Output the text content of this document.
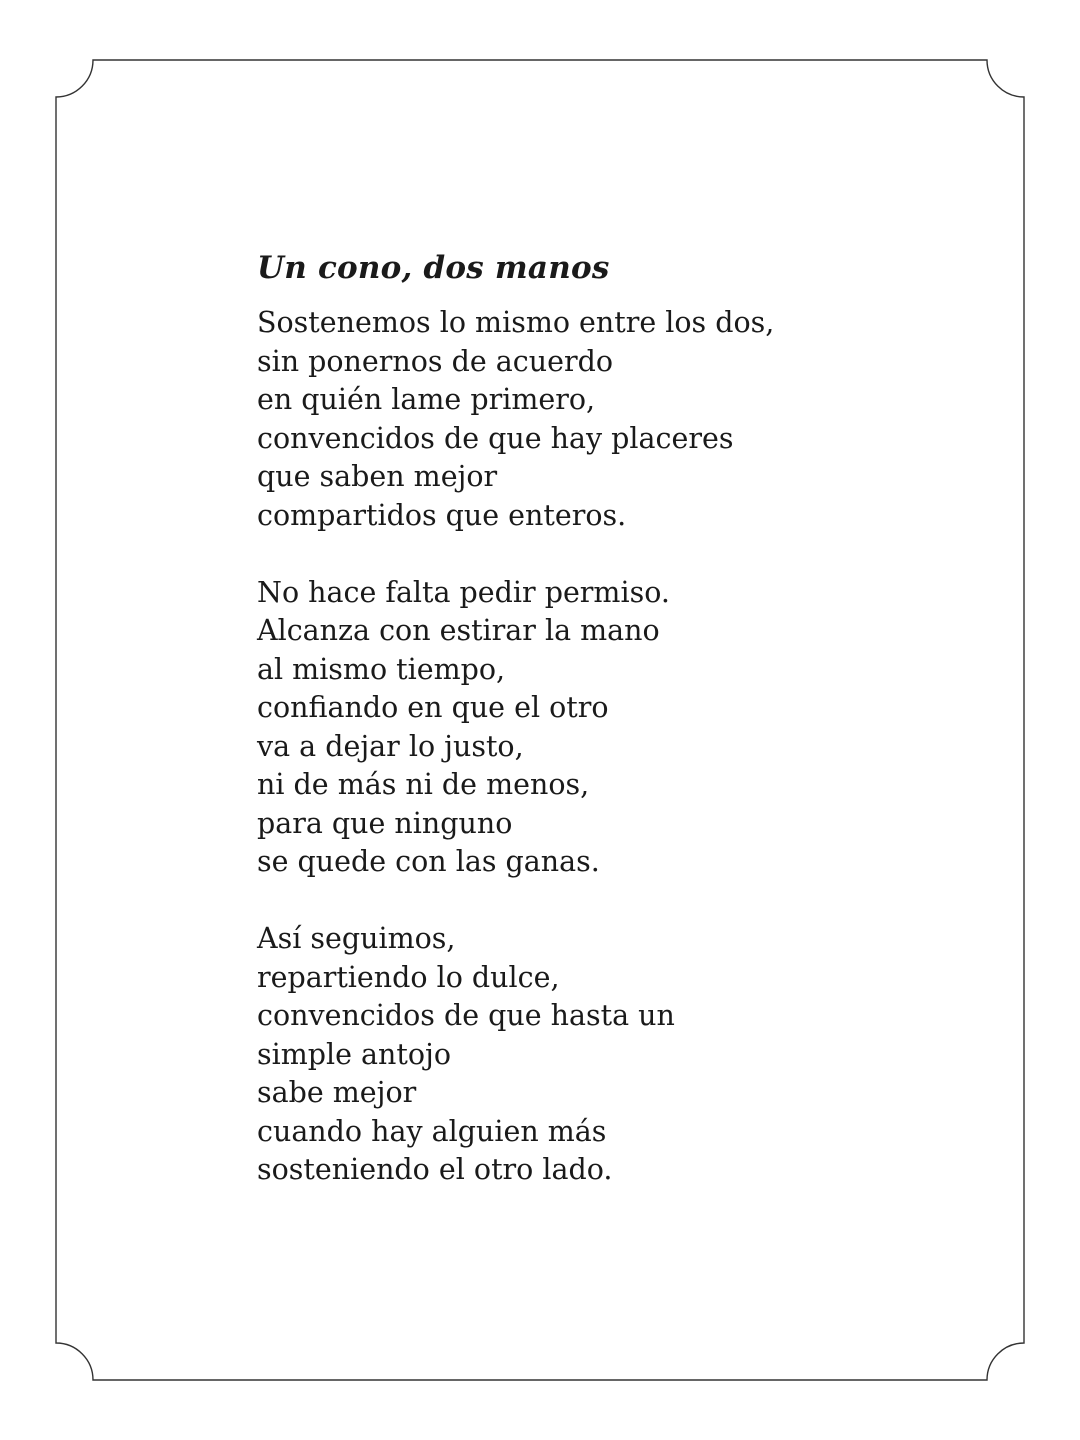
Un cono, dos manos
Sostenemos lo mismo entre los dos,
sin ponernos de acuerdo
en quién lame primero,
convencidos de que hay placeres
que saben mejor
compartidos que enteros.
No hace falta pedir permiso.
Alcanza con estirar la mano
al mismo tiempo,
confiando en que el otro
va a dejar lo justo,
ni de más ni de menos,
para que ninguno
se quede con las ganas.
Así seguimos,
repartiendo lo dulce,
convencidos de que hasta un
simple antojo
sabe mejor
cuando hay alguien más
sosteniendo el otro lado.
